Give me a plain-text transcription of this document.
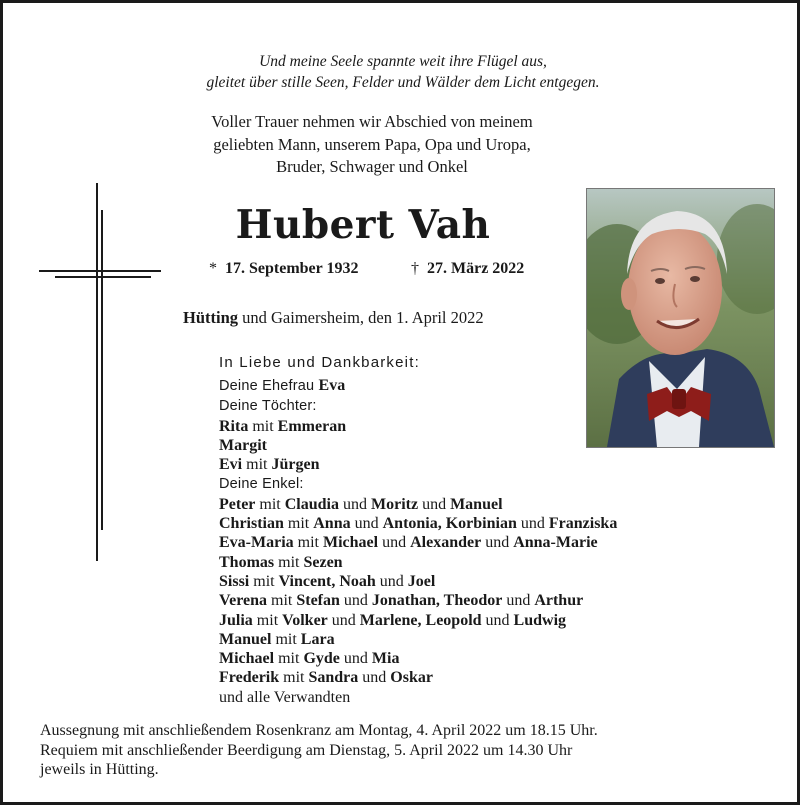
Und meine Seele spannte weit ihre Flügel aus,
gleitet über stille Seen, Felder und Wälder dem Licht entgegen.
Voller Trauer nehmen wir Abschied von meinem
geliebten Mann, unserem Papa, Opa und Uropa,
Bruder, Schwager und Onkel
Hubert Vah
* 17. September 1932	† 27. März 2022
Hütting und Gaimersheim, den 1. April 2022
In Liebe und Dankbarkeit:
Deine Ehefrau Eva
Deine Töchter:
Rita mit Emmeran
Margit
Evi mit Jürgen
Deine Enkel:
Peter mit Claudia und Moritz und Manuel
Christian mit Anna und Antonia, Korbinian und Franziska
Eva-Maria mit Michael und Alexander und Anna-Marie
Thomas mit Sezen
Sissi mit Vincent, Noah und Joel
Verena mit Stefan und Jonathan, Theodor und Arthur
Julia mit Volker und Marlene, Leopold und Ludwig
Manuel mit Lara
Michael mit Gyde und Mia
Frederik mit Sandra und Oskar
und alle Verwandten
Aussegnung mit anschließendem Rosenkranz am Montag, 4. April 2022 um 18.15 Uhr.
Requiem mit anschließender Beerdigung am Dienstag, 5. April 2022 um 14.30 Uhr
jeweils in Hütting.
